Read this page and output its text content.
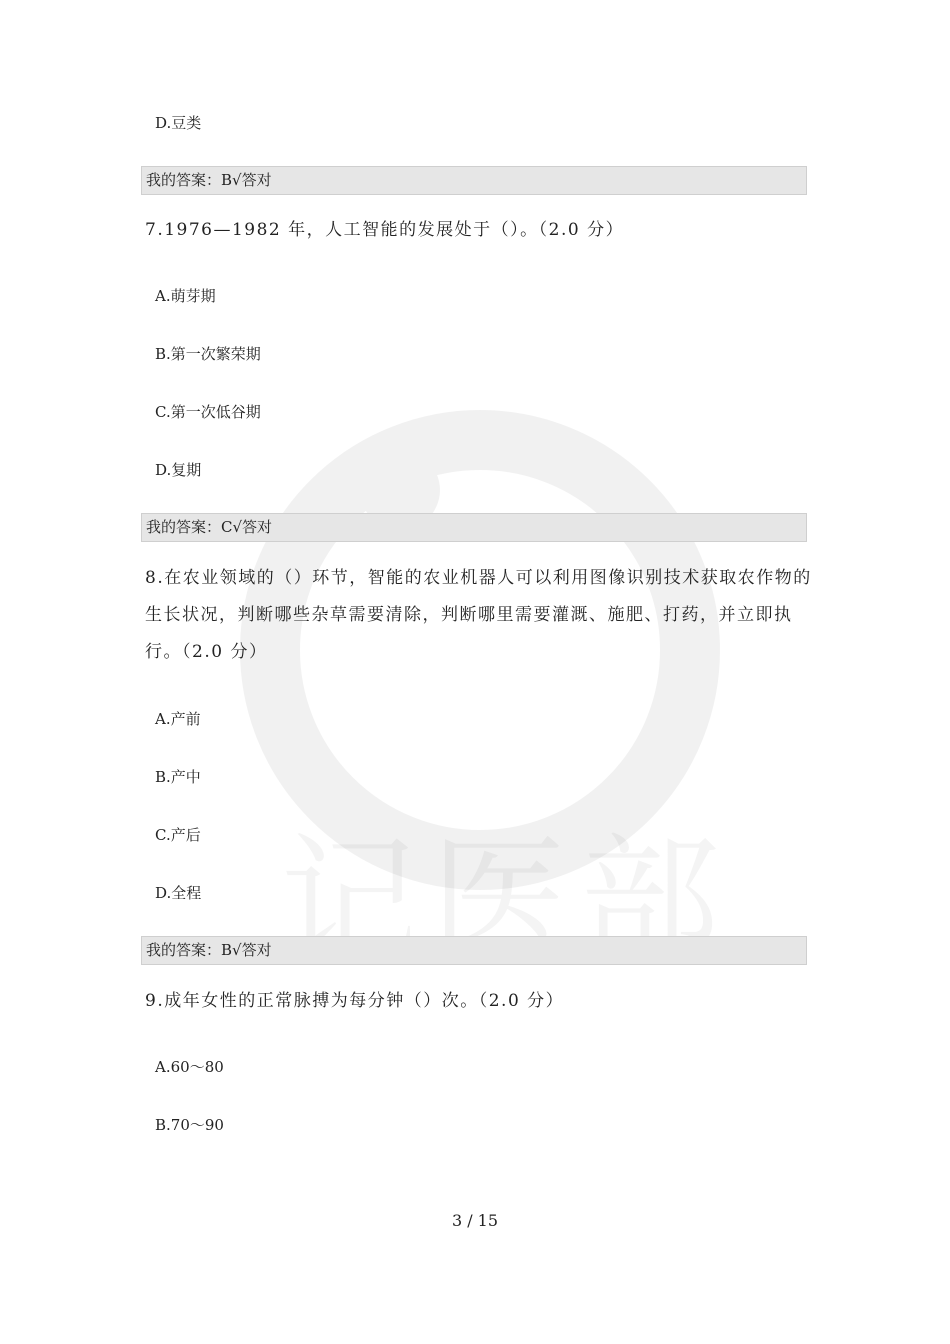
D.豆类
我的答案：B√答对
7.1976—1982 年，人工智能的发展处于（）。（2.0 分）
A.萌芽期
B.第一次繁荣期
C.第一次低谷期
D.复期
我的答案：C√答对
8.在农业领域的（）环节，智能的农业机器人可以利用图像识别技术获取农作物的生长状况，判断哪些杂草需要清除，判断哪里需要灌溉、施肥、打药，并立即执行。（2.0 分）
A.产前
B.产中
C.产后
D.全程
我的答案：B√答对
9.成年女性的正常脉搏为每分钟（）次。（2.0 分）
A.60～80
B.70～90
3 / 15
